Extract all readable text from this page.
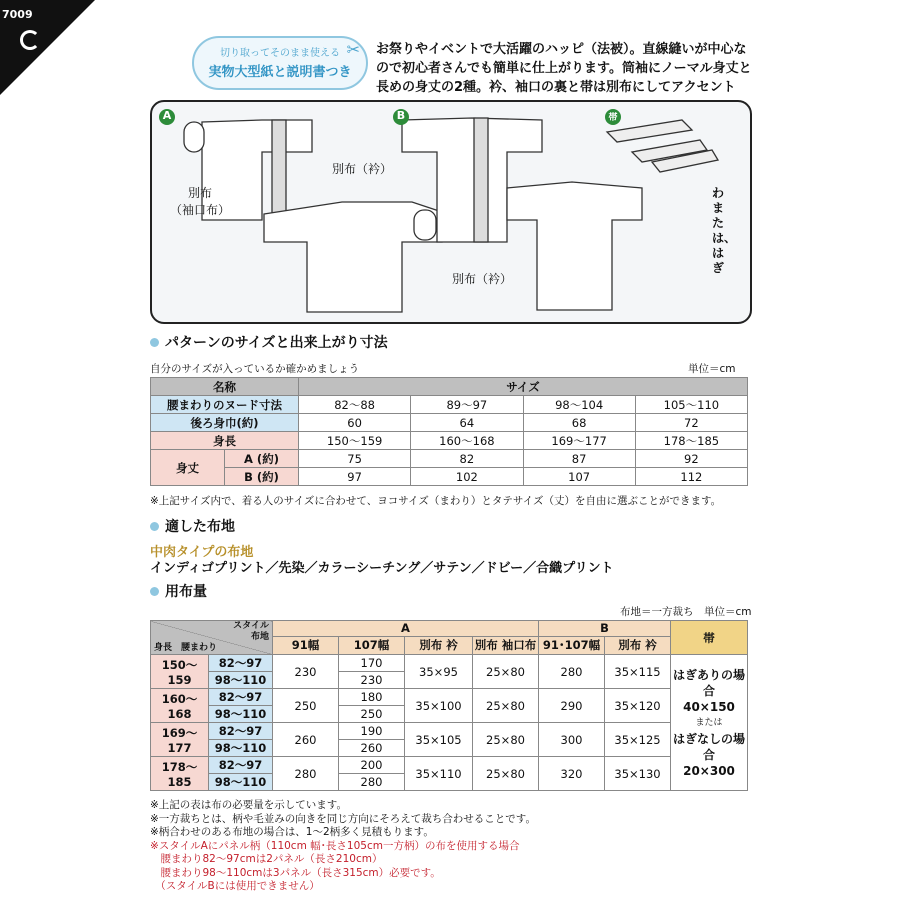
7009
切り取ってそのまま使える
実物大型紙と説明書つき
✂ お祭りやイベントで大活躍のハッピ（法被）。直線縫いが中心なので初心者さんでも簡単に仕上がります。筒袖にノーマル身丈と長めの身丈の2種。衿、袖口の裏と帯は別布にしてアクセント
A	B	帯
別布（衿）
別布
（袖口布）
別布（衿）
わまたは、はぎ
パターンのサイズと出来上がり寸法
自分のサイズが入っているか確かめましょう	単位＝cm
名称		サイズ			
腰まわりのヌード寸法		82〜88	89〜97	98〜104	105〜110
後ろ身巾(約)		60	64	68	72
身長		150〜159	160〜168	169〜177	178〜185
身丈	A (約)	75	82	87	92
	B (約)	97	102	107	112
※上記サイズ内で、着る人のサイズに合わせて、ヨコサイズ（まわり）とタテサイズ（丈）を自由に選ぶことができます。
適した布地
中肉タイプの布地
インディゴプリント／先染／カラーシーチング／サテン／ドビー／合織プリント
用布量
布地＝一方裁ち　単位＝cm
スタイル
布地
身長　 腰まわり		A				B		帯
		91幅	107幅	別布 衿	別布 袖口布	91･107幅	別布 衿	
150〜159	82〜97	230	170	35×95	25×80	280	35×115	はぎありの場合
40×150
または
はぎなしの場合
20×300

	98〜110		230					
160〜168	82〜97	250	180	35×100	25×80	290	35×120	
	98〜110		250					
169〜177	82〜97	260	190	35×105	25×80	300	35×125	
	98〜110		260					
178〜185	82〜97	280	200	35×110	25×80	320	35×130	
	98〜110		280					
※上記の表は布の必要量を示しています。
※一方裁ちとは、柄や毛並みの向きを同じ方向にそろえて裁ち合わせることです。
※柄合わせのある布地の場合は、1〜2柄多く見積もります。
※スタイルAにパネル柄（110cm 幅･長さ105cm一方柄）の布を使用する場合
　腰まわり82〜97cmは2パネル（長さ210cm）
　腰まわり98〜110cmは3パネル（長さ315cm）必要です。
　（スタイルBには使用できません）
